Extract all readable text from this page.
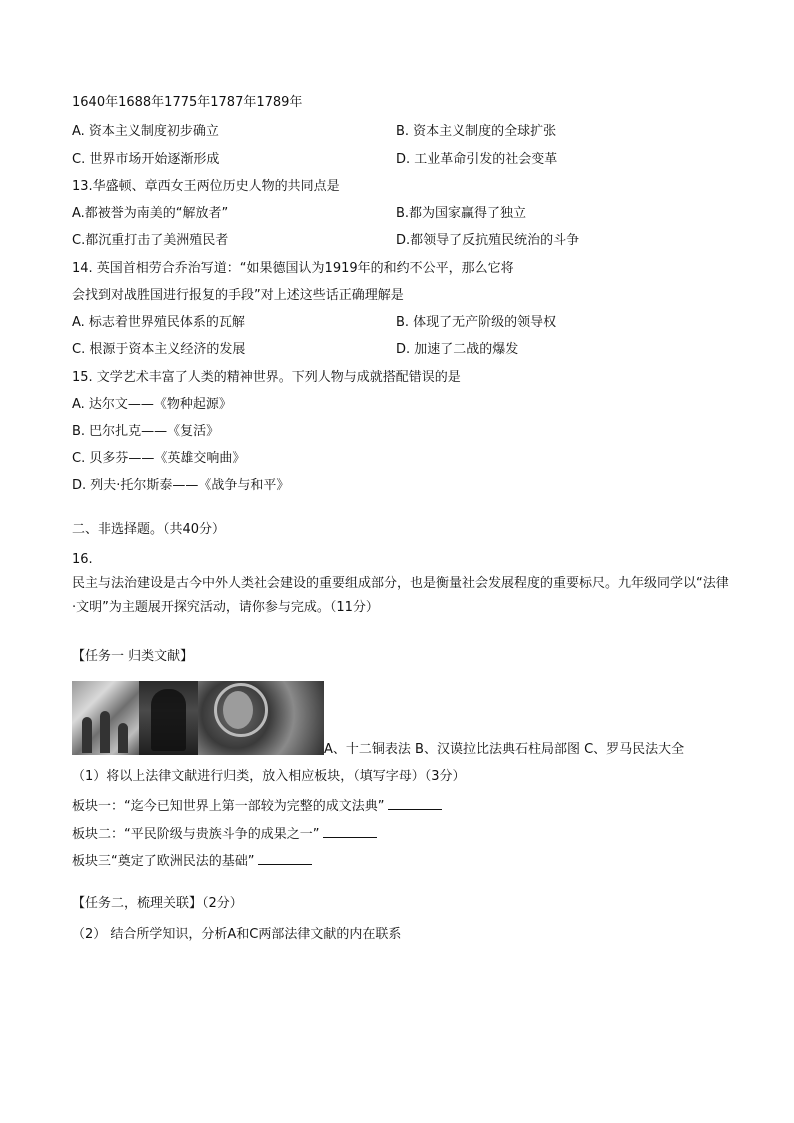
1640年1688年1775年1787年1789年
A. 资本主义制度初步确立	B. 资本主义制度的全球扩张
C. 世界市场开始逐渐形成	D. 工业革命引发的社会变革
13.华盛顿、章西女王两位历史人物的共同点是
A.都被誉为南美的“解放者”	B.都为国家赢得了独立
C.都沉重打击了美洲殖民者	D.都领导了反抗殖民统治的斗争
14. 英国首相劳合乔治写道：“如果德国认为1919年的和约不公平，那么它将
会找到对战胜国进行报复的手段”对上述这些话正确理解是
A. 标志着世界殖民体系的瓦解	B. 体现了无产阶级的领导权
C. 根源于资本主义经济的发展	D. 加速了二战的爆发
15. 文学艺术丰富了人类的精神世界。下列人物与成就搭配错误的是
A. 达尔文——《物种起源》
B. 巴尔扎克——《复活》
C. 贝多芬——《英雄交响曲》
D. 列夫·托尔斯泰——《战争与和平》
二、非选择题。（共40分）
16.
民主与法治建设是古今中外人类社会建设的重要组成部分，也是衡量社会发展程度的重要标尺。九年级同学以“法律·文明”为主题展开探究活动，请你参与完成。（11分）
【任务一 归类文献】
A、十二铜表法 B、汉谟拉比法典石柱局部图 C、罗马民法大全
（1）将以上法律文献进行归类，放入相应板块，（填写字母）（3分）
板块一：“迄今已知世界上第一部较为完整的成文法典”
板块二：“平民阶级与贵族斗争的成果之一”
板块三“奠定了欧洲民法的基础”
【任务二，梳理关联】（2分）
（2） 结合所学知识，分析A和C两部法律文献的内在联系
